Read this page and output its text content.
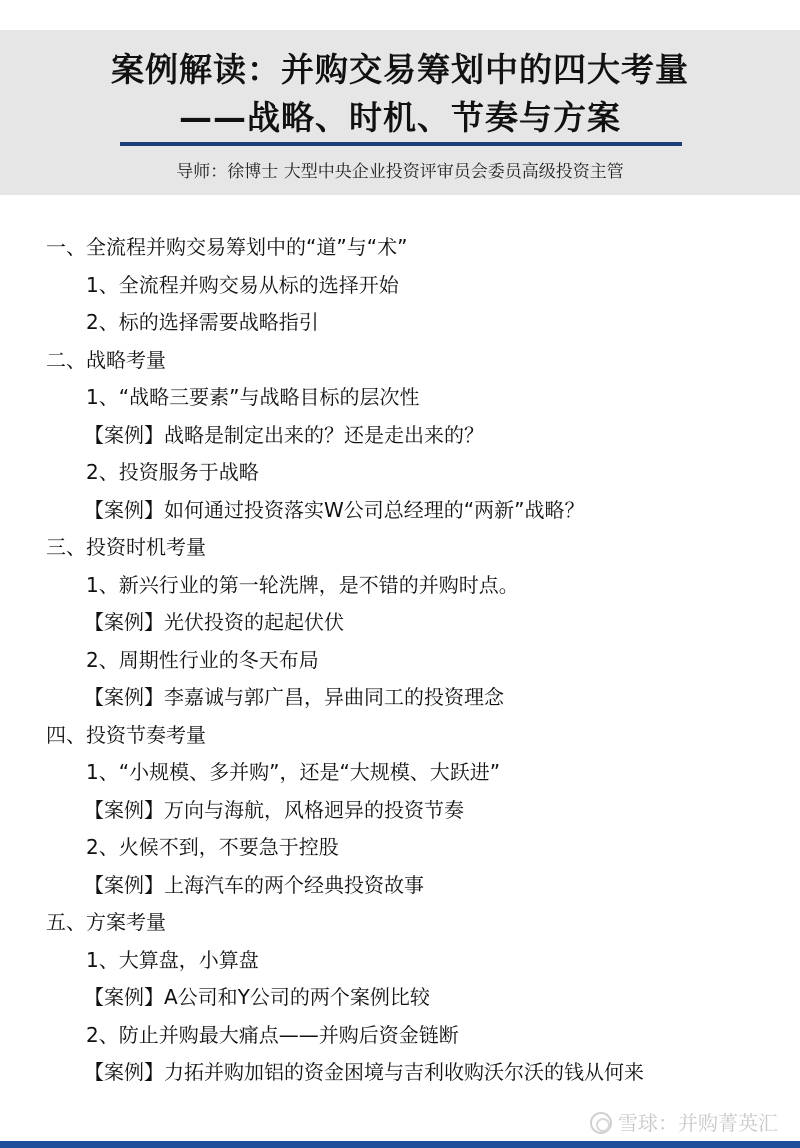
案例解读：并购交易筹划中的四大考量
——战略、时机、节奏与方案
导师：徐博士 大型中央企业投资评审员会委员高级投资主管
一、全流程并购交易筹划中的“道”与“术”
1、全流程并购交易从标的选择开始
2、标的选择需要战略指引
二、战略考量
1、“战略三要素”与战略目标的层次性
【案例】战略是制定出来的？还是走出来的？
2、投资服务于战略
【案例】如何通过投资落实W公司总经理的“两新”战略？
三、投资时机考量
1、新兴行业的第一轮洗牌，是不错的并购时点。
【案例】光伏投资的起起伏伏
2、周期性行业的冬天布局
【案例】李嘉诚与郭广昌，异曲同工的投资理念
四、投资节奏考量
1、“小规模、多并购”，还是“大规模、大跃进”
【案例】万向与海航，风格迥异的投资节奏
2、火候不到，不要急于控股
【案例】上海汽车的两个经典投资故事
五、方案考量
1、大算盘，小算盘
【案例】A公司和Y公司的两个案例比较
2、防止并购最大痛点——并购后资金链断
【案例】力拓并购加铝的资金困境与吉利收购沃尔沃的钱从何来
雪球：并购菁英汇
